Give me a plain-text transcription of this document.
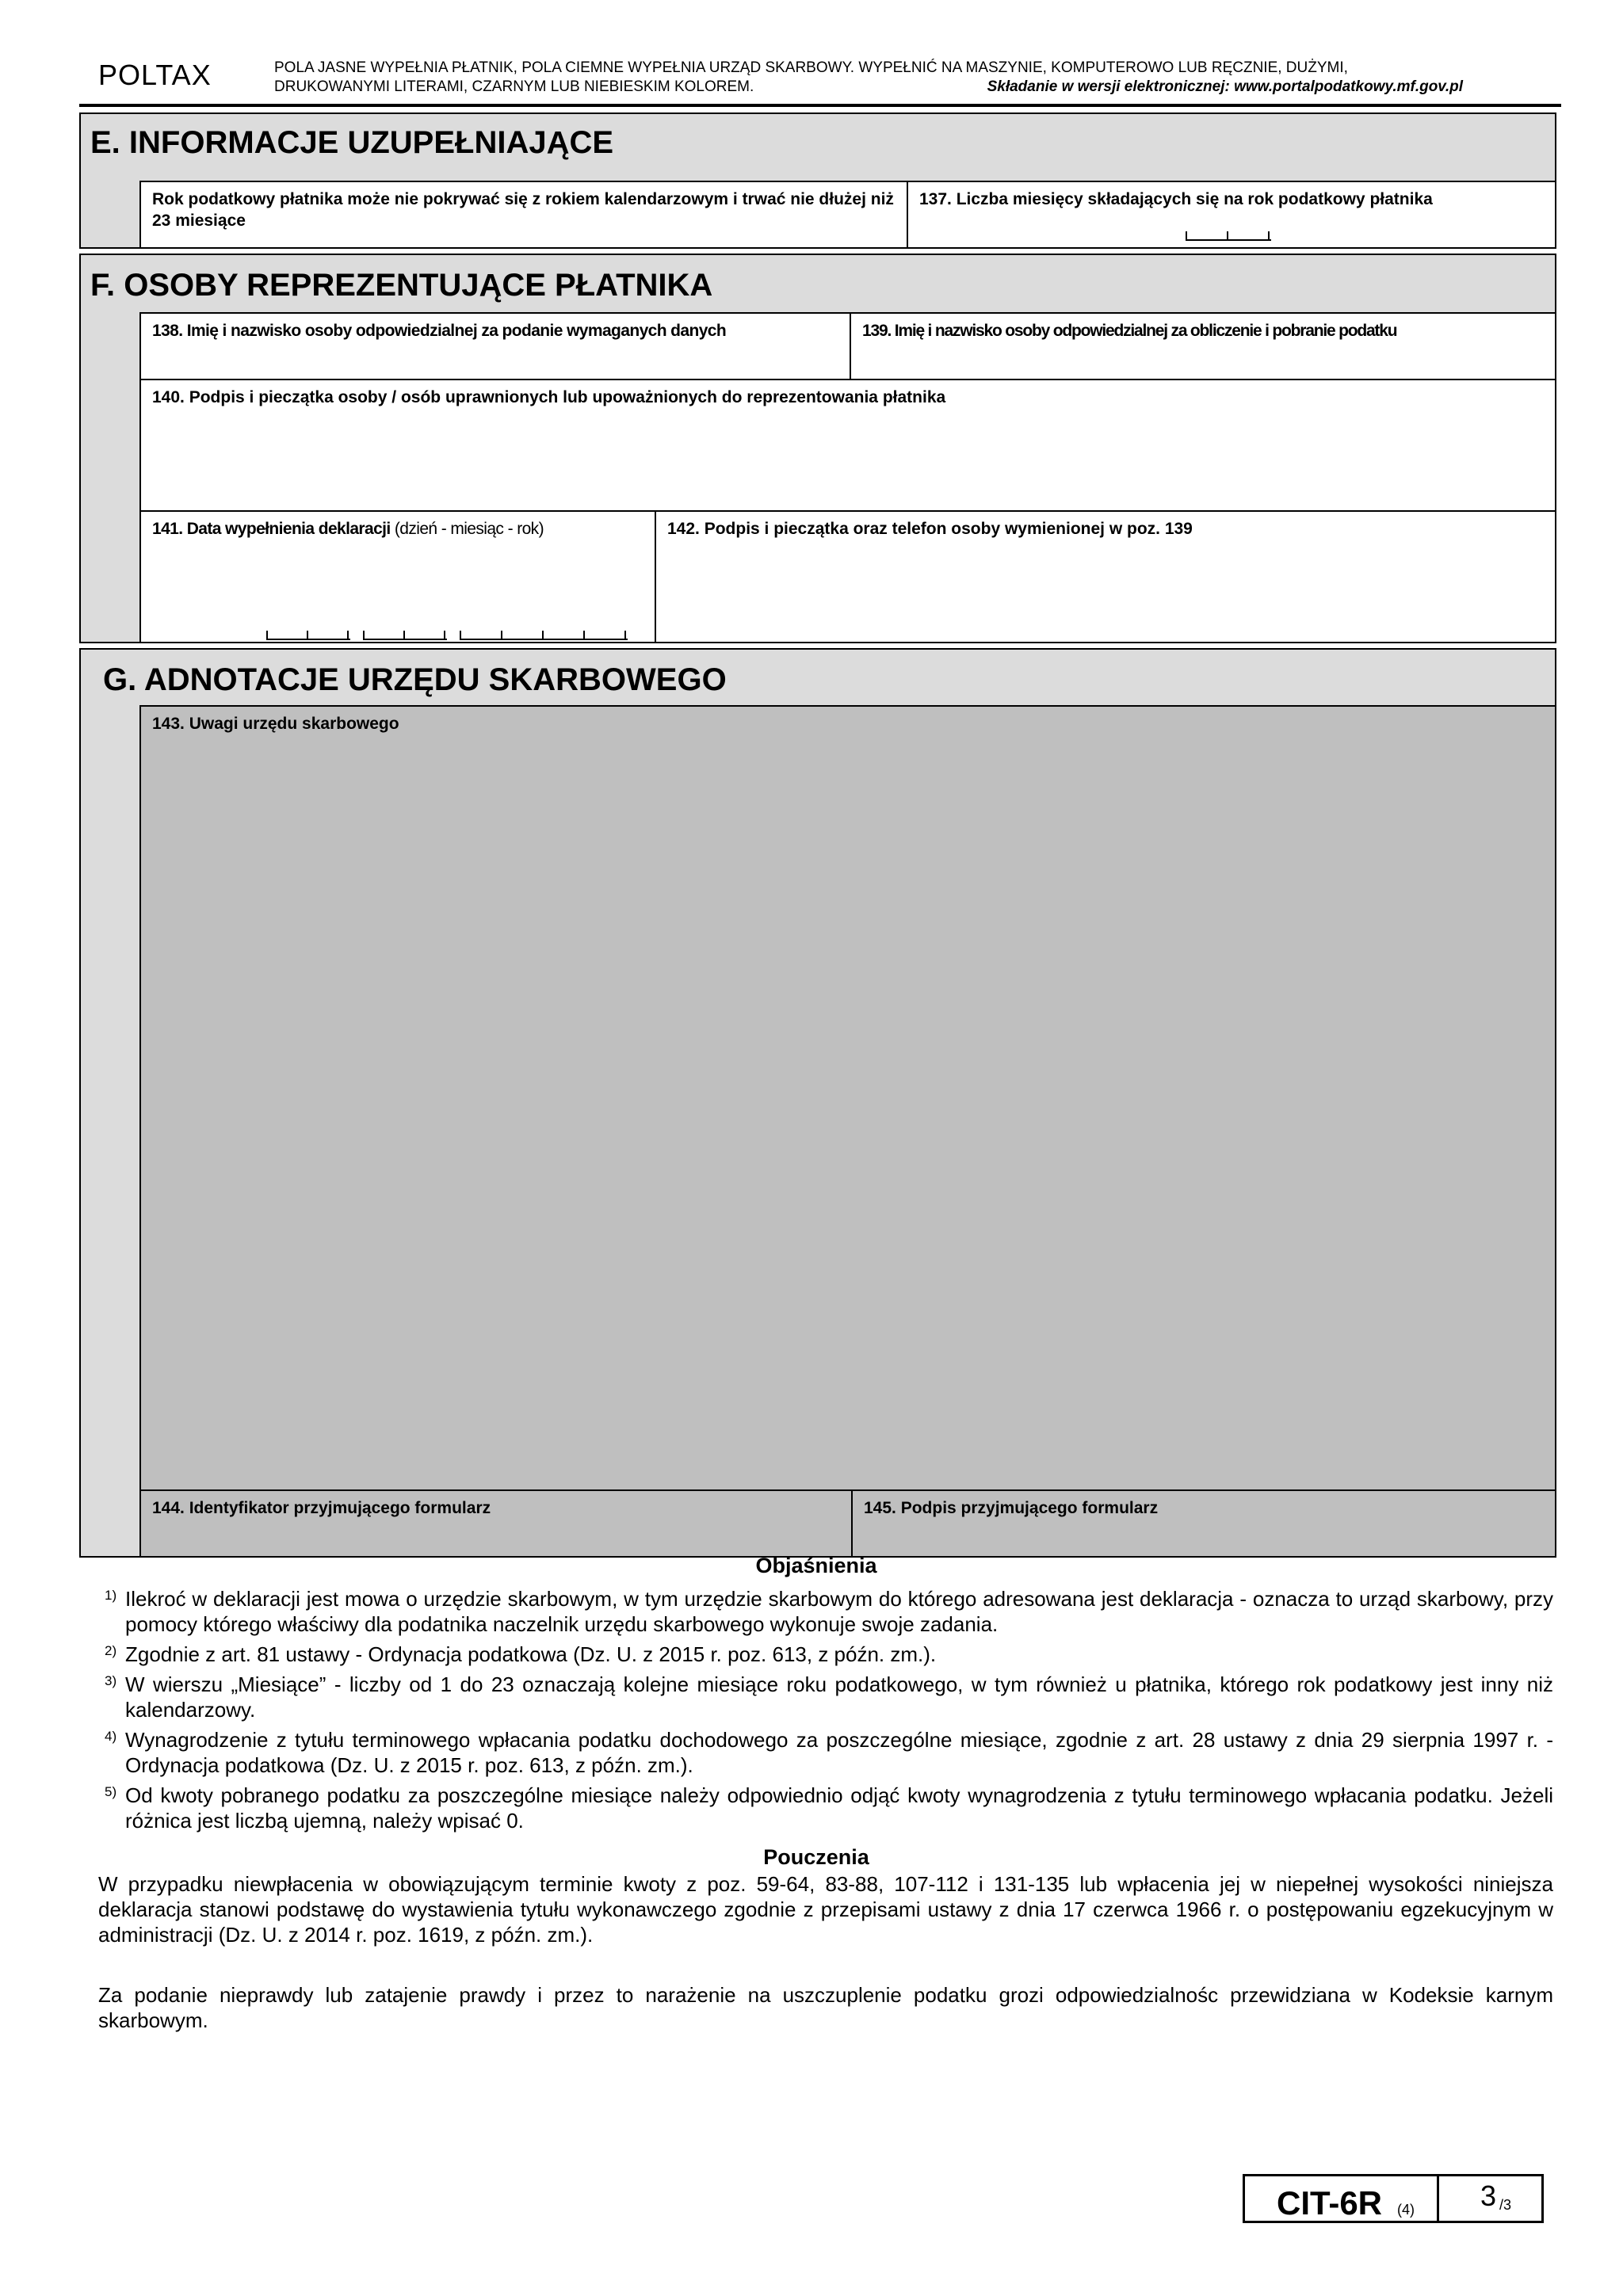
POLTAX	POLA JASNE WYPEŁNIA PŁATNIK, POLA CIEMNE WYPEŁNIA URZĄD SKARBOWY. WYPEŁNIĆ NA MASZYNIE, KOMPUTEROWO LUB RĘCZNIE, DUŻYMI,
DRUKOWANYMI LITERAMI, CZARNYM LUB NIEBIESKIM KOLOREM.	Składanie w wersji elektronicznej: www.portalpodatkowy.mf.gov.pl
E. INFORMACJE UZUPEŁNIAJĄCE
Rok podatkowy płatnika może nie pokrywać się z rokiem kalendarzowym i trwać nie dłużej niż 23 miesiące
137. Liczba miesięcy składających się na rok podatkowy płatnika
F. OSOBY REPREZENTUJĄCE PŁATNIKA
138. Imię i nazwisko osoby odpowiedzialnej za podanie wymaganych danych	139. Imię i nazwisko osoby odpowiedzialnej za obliczenie i pobranie podatku
140. Podpis i pieczątka osoby / osób uprawnionych lub upoważnionych do reprezentowania płatnika
141. Data wypełnienia deklaracji (dzień - miesiąc - rok)	142. Podpis i pieczątka oraz telefon osoby wymienionej w poz. 139
G. ADNOTACJE URZĘDU SKARBOWEGO
143. Uwagi urzędu skarbowego
144. Identyfikator przyjmującego formularz	145. Podpis przyjmującego formularz
Objaśnienia
1) Ilekroć w deklaracji jest mowa o urzędzie skarbowym, w tym urzędzie skarbowym do którego adresowana jest deklaracja - oznacza to urząd skarbowy, przy pomocy którego właściwy dla podatnika naczelnik urzędu skarbowego wykonuje swoje zadania.
2) Zgodnie z art. 81 ustawy - Ordynacja podatkowa (Dz. U. z 2015 r. poz. 613, z późn. zm.).
3) W wierszu „Miesiące” - liczby od 1 do 23 oznaczają kolejne miesiące roku podatkowego, w tym również u płatnika, którego rok podatkowy jest inny niż kalendarzowy.
4) Wynagrodzenie z tytułu terminowego wpłacania podatku dochodowego za poszczególne miesiące, zgodnie z art. 28 ustawy z dnia 29 sierpnia 1997 r. - Ordynacja podatkowa (Dz. U. z 2015 r. poz. 613, z późn. zm.).
5) Od kwoty pobranego podatku za poszczególne miesiące należy odpowiednio odjąć kwoty wynagrodzenia z tytułu terminowego wpłacania podatku. Jeżeli różnica jest liczbą ujemną, należy wpisać 0.
Pouczenia

W przypadku niewpłacenia w obowiązującym terminie kwoty z poz. 59-64, 83-88, 107-112 i 131-135 lub wpłacenia jej w niepełnej wysokości niniejsza deklaracja stanowi podstawę do wystawienia tytułu wykonawczego zgodnie z przepisami ustawy z dnia 17 czerwca 1966 r. o postępowaniu egzekucyjnym w administracji (Dz. U. z 2014 r. poz. 1619, z późn. zm.).

Za podanie nieprawdy lub zatajenie prawdy i przez to narażenie na uszczuplenie podatku grozi odpowiedzialnośc przewidziana w Kodeksie karnym skarbowym.

CIT-6R (4) 3 /3
